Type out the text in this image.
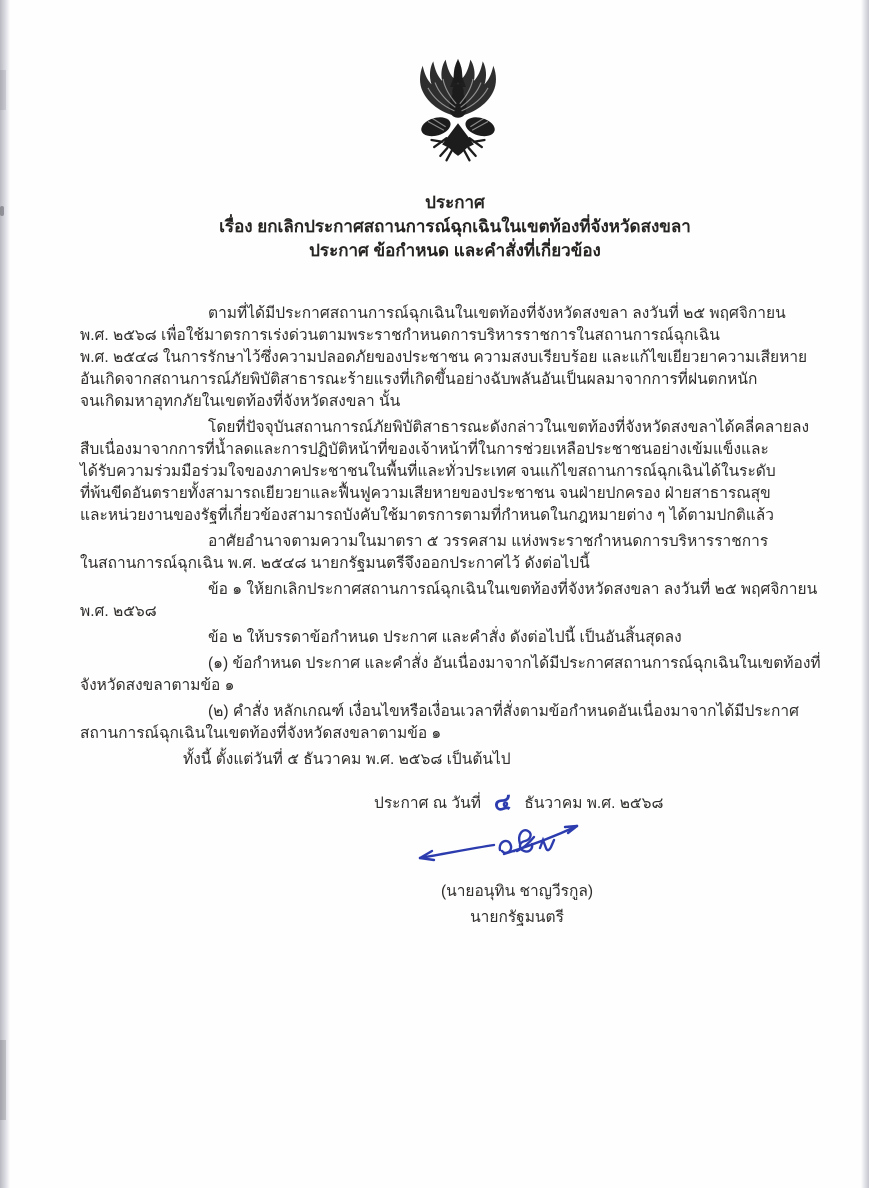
ประกาศ
เรื่อง ยกเลิกประกาศสถานการณ์ฉุกเฉินในเขตท้องที่จังหวัดสงขลา
ประกาศ ข้อกำหนด และคำสั่งที่เกี่ยวข้อง
ตามที่ได้มีประกาศสถานการณ์ฉุกเฉินในเขตท้องที่จังหวัดสงขลา ลงวันที่ ๒๕ พฤศจิกายน
พ.ศ. ๒๕๖๘ เพื่อใช้มาตรการเร่งด่วนตามพระราชกำหนดการบริหารราชการในสถานการณ์ฉุกเฉิน
พ.ศ. ๒๕๔๘ ในการรักษาไว้ซึ่งความปลอดภัยของประชาชน ความสงบเรียบร้อย และแก้ไขเยียวยาความเสียหาย
อันเกิดจากสถานการณ์ภัยพิบัติสาธารณะร้ายแรงที่เกิดขึ้นอย่างฉับพลันอันเป็นผลมาจากการที่ฝนตกหนัก
จนเกิดมหาอุทกภัยในเขตท้องที่จังหวัดสงขลา นั้น
โดยที่ปัจจุบันสถานการณ์ภัยพิบัติสาธารณะดังกล่าวในเขตท้องที่จังหวัดสงขลาได้คลี่คลายลง
สืบเนื่องมาจากการที่น้ำลดและการปฏิบัติหน้าที่ของเจ้าหน้าที่ในการช่วยเหลือประชาชนอย่างเข้มแข็งและ
ได้รับความร่วมมือร่วมใจของภาคประชาชนในพื้นที่และทั่วประเทศ จนแก้ไขสถานการณ์ฉุกเฉินได้ในระดับ
ที่พ้นขีดอันตรายทั้งสามารถเยียวยาและฟื้นฟูความเสียหายของประชาชน จนฝ่ายปกครอง ฝ่ายสาธารณสุข
และหน่วยงานของรัฐที่เกี่ยวข้องสามารถบังคับใช้มาตรการตามที่กำหนดในกฎหมายต่าง ๆ ได้ตามปกติแล้ว
อาศัยอำนาจตามความในมาตรา ๕ วรรคสาม แห่งพระราชกำหนดการบริหารราชการ
ในสถานการณ์ฉุกเฉิน พ.ศ. ๒๕๔๘ นายกรัฐมนตรีจึงออกประกาศไว้ ดังต่อไปนี้
ข้อ ๑ ให้ยกเลิกประกาศสถานการณ์ฉุกเฉินในเขตท้องที่จังหวัดสงขลา ลงวันที่ ๒๕ พฤศจิกายน
พ.ศ. ๒๕๖๘
ข้อ ๒ ให้บรรดาข้อกำหนด ประกาศ และคำสั่ง ดังต่อไปนี้ เป็นอันสิ้นสุดลง
(๑) ข้อกำหนด ประกาศ และคำสั่ง อันเนื่องมาจากได้มีประกาศสถานการณ์ฉุกเฉินในเขตท้องที่
จังหวัดสงขลาตามข้อ ๑
(๒) คำสั่ง หลักเกณฑ์ เงื่อนไขหรือเงื่อนเวลาที่สั่งตามข้อกำหนดอันเนื่องมาจากได้มีประกาศ
สถานการณ์ฉุกเฉินในเขตท้องที่จังหวัดสงขลาตามข้อ ๑
ทั้งนี้ ตั้งแต่วันที่ ๕ ธันวาคม พ.ศ. ๒๕๖๘ เป็นต้นไป
ประกาศ ณ วันที่ ๔ ธันวาคม พ.ศ. ๒๕๖๘
(นายอนุทิน ชาญวีรกูล)
นายกรัฐมนตรี
